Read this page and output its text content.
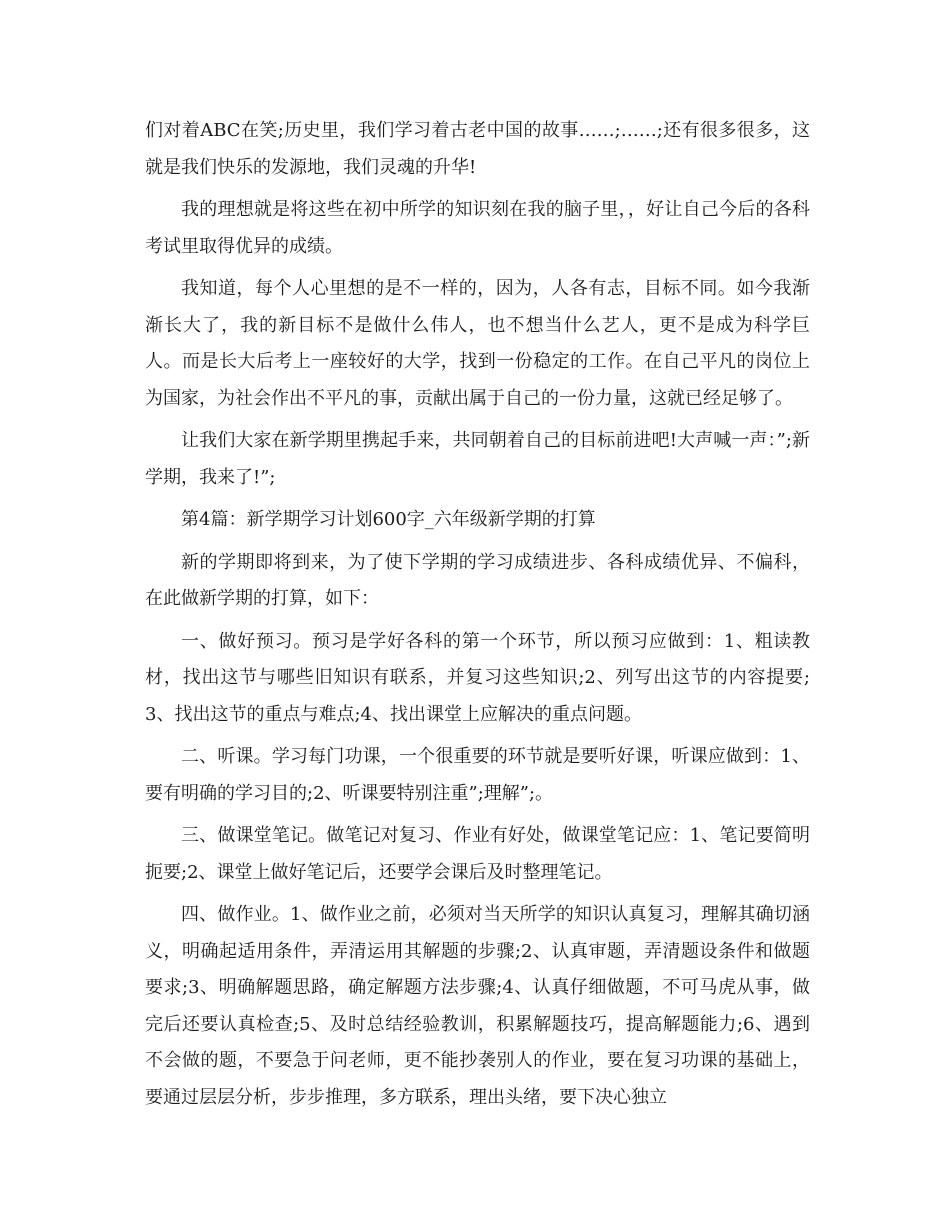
们对着ABC在笑;历史里，我们学习着古老中国的故事……;……;还有很多很多，这就是我们快乐的发源地，我们灵魂的升华!

我的理想就是将这些在初中所学的知识刻在我的脑子里，，好让自己今后的各科考试里取得优异的成绩。

我知道，每个人心里想的是不一样的，因为，人各有志，目标不同。如今我渐渐长大了，我的新目标不是做什么伟人，也不想当什么艺人，更不是成为科学巨人。而是长大后考上一座较好的大学，找到一份稳定的工作。在自己平凡的岗位上为国家，为社会作出不平凡的事，贡献出属于自己的一份力量，这就已经足够了。

让我们大家在新学期里携起手来，共同朝着自己的目标前进吧!大声喊一声：”;新学期，我来了!”;

第4篇：新学期学习计划600字_六年级新学期的打算

新的学期即将到来，为了使下学期的学习成绩进步、各科成绩优异、不偏科，在此做新学期的打算，如下：

一、做好预习。预习是学好各科的第一个环节，所以预习应做到：1、粗读教材，找出这节与哪些旧知识有联系，并复习这些知识;2、列写出这节的内容提要;3、找出这节的重点与难点;4、找出课堂上应解决的重点问题。

二、听课。学习每门功课，一个很重要的环节就是要听好课，听课应做到：1、要有明确的学习目的;2、听课要特别注重”;理解”;。

三、做课堂笔记。做笔记对复习、作业有好处，做课堂笔记应：1、笔记要简明扼要;2、课堂上做好笔记后，还要学会课后及时整理笔记。

四、做作业。1、做作业之前，必须对当天所学的知识认真复习，理解其确切涵义，明确起适用条件，弄清运用其解题的步骤;2、认真审题，弄清题设条件和做题要求;3、明确解题思路，确定解题方法步骤;4、认真仔细做题，不可马虎从事，做完后还要认真检查;5、及时总结经验教训，积累解题技巧，提高解题能力;6、遇到不会做的题，不要急于问老师，更不能抄袭别人的作业，要在复习功课的基础上，要通过层层分析，步步推理，多方联系，理出头绪，要下决心独立
